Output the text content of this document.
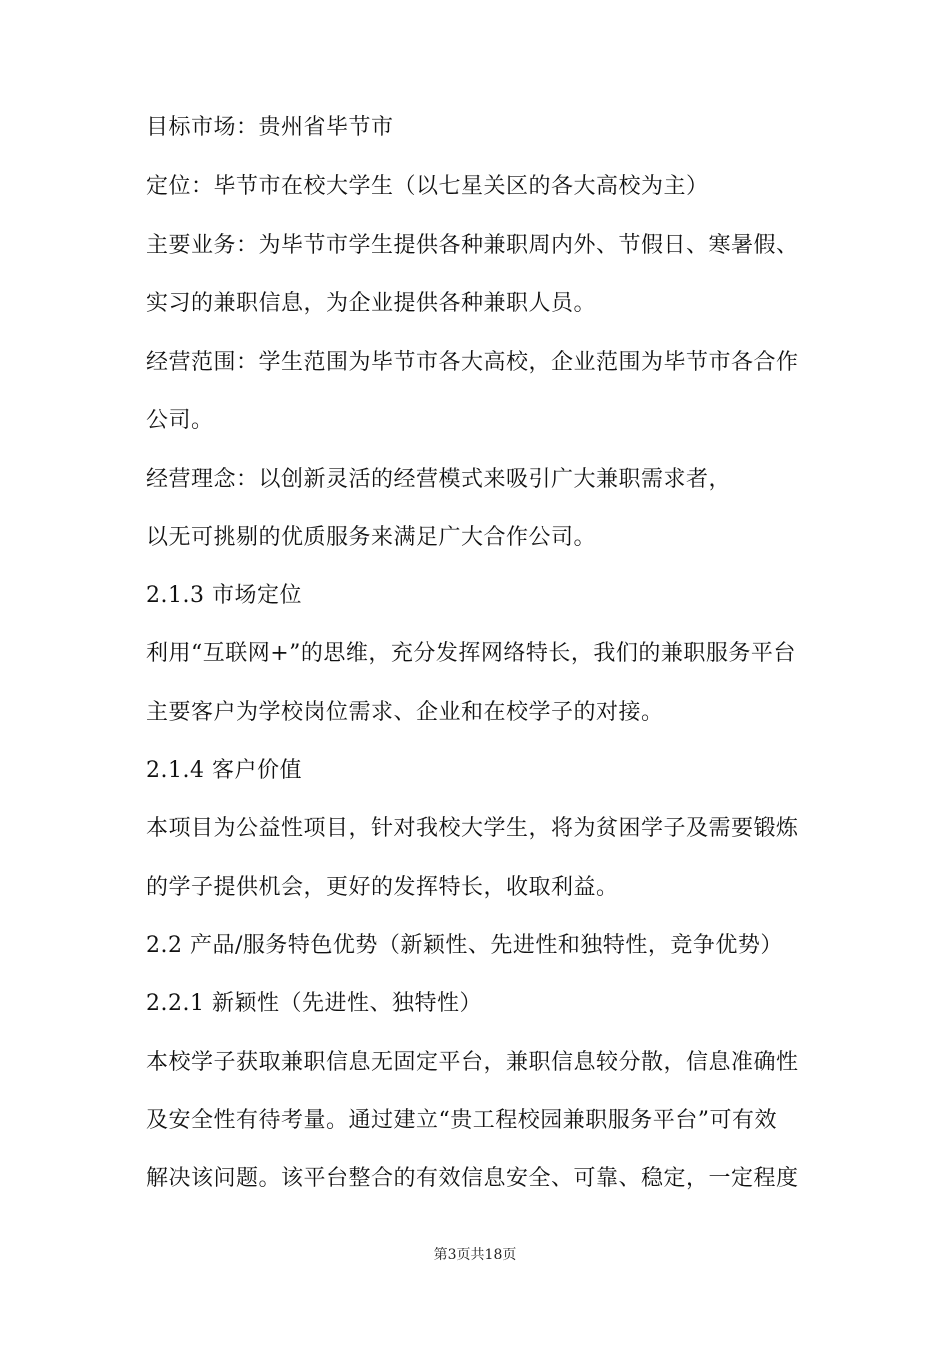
目标市场：贵州省毕节市
定位：毕节市在校大学生（以七星关区的各大高校为主）
主要业务：为毕节市学生提供各种兼职周内外、节假日、寒暑假、
实习的兼职信息，为企业提供各种兼职人员。
经营范围：学生范围为毕节市各大高校，企业范围为毕节市各合作
公司。
经营理念：以创新灵活的经营模式来吸引广大兼职需求者，
以无可挑剔的优质服务来满足广大合作公司。
2.1.3 市场定位
利用“互联网+”的思维，充分发挥网络特长，我们的兼职服务平台
主要客户为学校岗位需求、企业和在校学子的对接。
2.1.4 客户价值
本项目为公益性项目，针对我校大学生，将为贫困学子及需要锻炼
的学子提供机会，更好的发挥特长，收取利益。
2.2 产品/服务特色优势（新颖性、先进性和独特性，竞争优势）
2.2.1 新颖性（先进性、独特性）
本校学子获取兼职信息无固定平台，兼职信息较分散，信息准确性
及安全性有待考量。通过建立“贵工程校园兼职服务平台”可有效
解决该问题。该平台整合的有效信息安全、可靠、稳定，一定程度
第3页共18页
